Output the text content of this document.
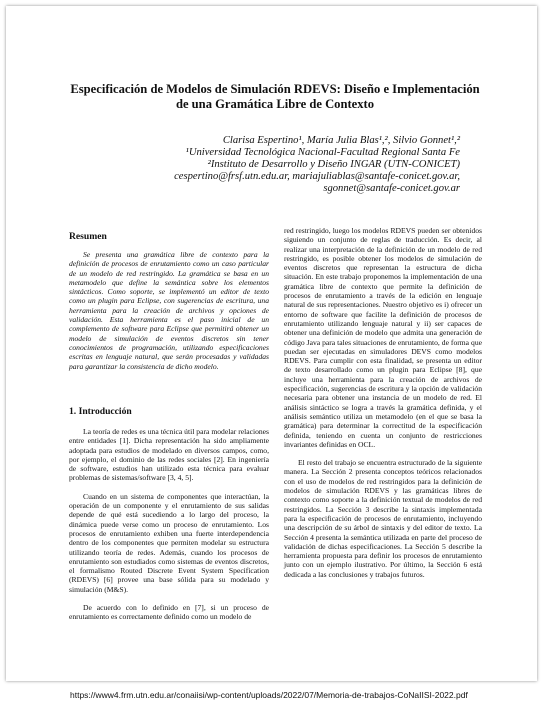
Especificación de Modelos de Simulación RDEVS: Diseño e Implementación
de una Gramática Libre de Contexto
Clarisa Espertino¹, María Julia Blas¹,², Silvio Gonnet¹,²
¹Universidad Tecnológica Nacional-Facultad Regional Santa Fe
²Instituto de Desarrollo y Diseño INGAR (UTN-CONICET)
cespertino@frsf.utn.edu.ar, mariajuliablas@santafe-conicet.gov.ar,
sgonnet@santafe-conicet.gov.ar
Resumen

Se presenta una gramática libre de contexto para la definición de procesos de enrutamiento como un caso particular de un modelo de red restringido. La gramática se basa en un metamodelo que define la semántica sobre los elementos sintácticos. Como soporte, se implementó un editor de texto como un plugin para Eclipse, con sugerencias de escritura, una herramienta para la creación de archivos y opciones de validación. Esta herramienta es el paso inicial de un complemento de software para Eclipse que permitirá obtener un modelo de simulación de eventos discretos sin tener conocimientos de programación, utilizando especificaciones escritas en lenguaje natural, que serán procesadas y validadas para garantizar la consistencia de dicho modelo.

1. Introducción

La teoría de redes es una técnica útil para modelar relaciones entre entidades [1]. Dicha representación ha sido ampliamente adoptada para estudios de modelado en diversos campos, como, por ejemplo, el dominio de las redes sociales [2]. En ingeniería de software, estudios han utilizado esta técnica para evaluar problemas de sistemas/software [3, 4, 5].

Cuando en un sistema de componentes que interactúan, la operación de un componente y el enrutamiento de sus salidas depende de qué está sucediendo a lo largo del proceso, la dinámica puede verse como un proceso de enrutamiento. Los procesos de enrutamiento exhiben una fuerte interdependencia dentro de los componentes que permiten modelar su estructura utilizando teoría de redes. Además, cuando los procesos de enrutamiento son estudiados como sistemas de eventos discretos, el formalismo Routed Discrete Event System Specification (RDEVS) [6] provee una base sólida para su modelado y simulación (M&S).

De acuerdo con lo definido en [7], si un proceso de enrutamiento es correctamente definido como un modelo de

red restringido, luego los modelos RDEVS pueden ser obtenidos siguiendo un conjunto de reglas de traducción. Es decir, al realizar una interpretación de la definición de un modelo de red restringido, es posible obtener los modelos de simulación de eventos discretos que representan la estructura de dicha situación. En este trabajo proponemos la implementación de una gramática libre de contexto que permite la definición de procesos de enrutamiento a través de la edición en lenguaje natural de sus representaciones. Nuestro objetivo es i) ofrecer un entorno de software que facilite la definición de procesos de enrutamiento utilizando lenguaje natural y ii) ser capaces de obtener una definición de modelo que admita una generación de código Java para tales situaciones de enrutamiento, de forma que puedan ser ejecutadas en simuladores DEVS como modelos RDEVS. Para cumplir con esta finalidad, se presenta un editor de texto desarrollado como un plugin para Eclipse [8], que incluye una herramienta para la creación de archivos de especificación, sugerencias de escritura y la opción de validación necesaria para obtener una instancia de un modelo de red. El análisis sintáctico se logra a través la gramática definida, y el análisis semántico utiliza un metamodelo (en el que se basa la gramática) para determinar la correctitud de la especificación definida, teniendo en cuenta un conjunto de restricciones invariantes definidas en OCL.

El resto del trabajo se encuentra estructurado de la siguiente manera. La Sección 2 presenta conceptos teóricos relacionados con el uso de modelos de red restringidos para la definición de modelos de simulación RDEVS y las gramáticas libres de contexto como soporte a la definición textual de modelos de red restringidos. La Sección 3 describe la sintaxis implementada para la especificación de procesos de enrutamiento, incluyendo una descripción de su árbol de sintaxis y del editor de texto. La Sección 4 presenta la semántica utilizada en parte del proceso de validación de dichas especificaciones. La Sección 5 describe la herramienta propuesta para definir los procesos de enrutamiento junto con un ejemplo ilustrativo. Por último, la Sección 6 está dedicada a las conclusiones y trabajos futuros.

https://www4.frm.utn.edu.ar/conaiisi/wp-content/uploads/2022/07/Memoria-de-trabajos-CoNaIISI-2022.pdf
